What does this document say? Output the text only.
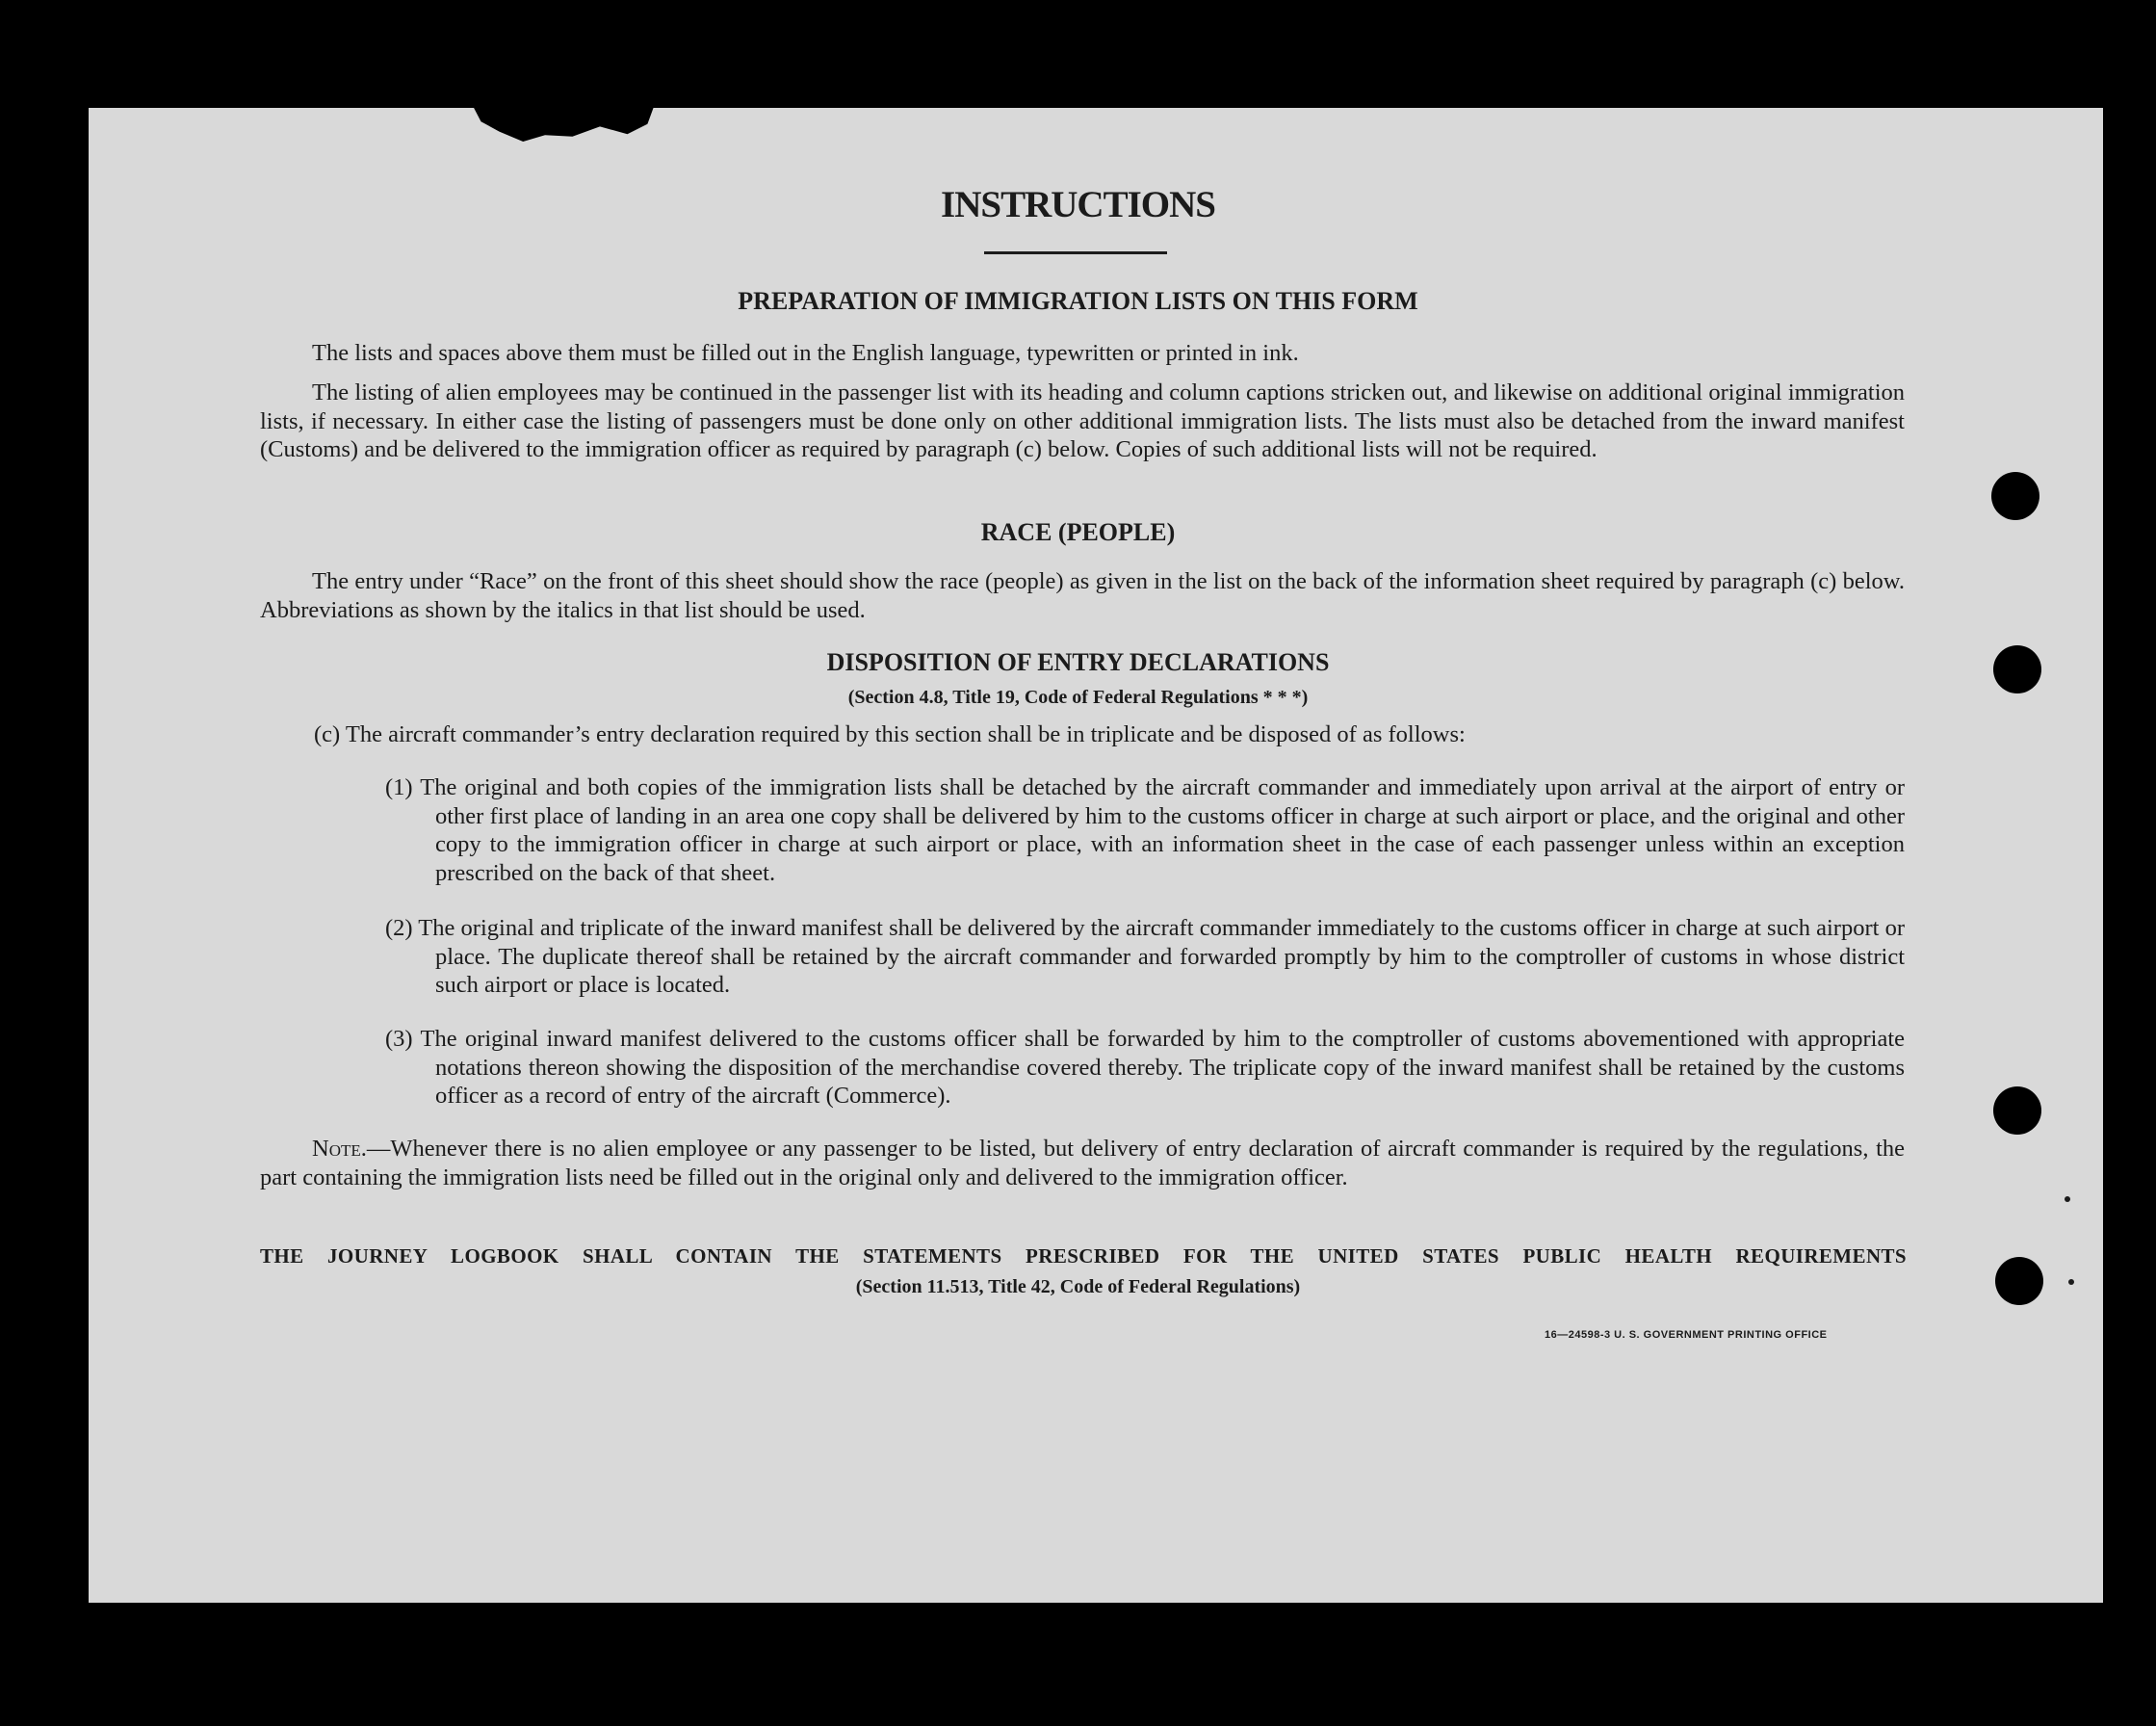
INSTRUCTIONS
PREPARATION OF IMMIGRATION LISTS ON THIS FORM
The lists and spaces above them must be filled out in the English language, typewritten or printed in ink.
The listing of alien employees may be continued in the passenger list with its heading and column captions stricken out, and likewise on additional original immigration lists, if necessary. In either case the listing of passengers must be done only on other additional immigration lists. The lists must also be detached from the inward manifest (Customs) and be delivered to the immigration officer as required by paragraph (c) below. Copies of such additional lists will not be required.
RACE (PEOPLE)
The entry under “Race” on the front of this sheet should show the race (people) as given in the list on the back of the information sheet required by paragraph (c) below. Abbreviations as shown by the italics in that list should be used.
DISPOSITION OF ENTRY DECLARATIONS
(Section 4.8, Title 19, Code of Federal Regulations * * *)
(c) The aircraft commander’s entry declaration required by this section shall be in triplicate and be disposed of as follows:
(1) The original and both copies of the immigration lists shall be detached by the aircraft commander and immediately upon arrival at the airport of entry or other first place of landing in an area one copy shall be delivered by him to the customs officer in charge at such airport or place, and the original and other copy to the immigration officer in charge at such airport or place, with an information sheet in the case of each passenger unless within an exception prescribed on the back of that sheet.
(2) The original and triplicate of the inward manifest shall be delivered by the aircraft commander immediately to the customs officer in charge at such airport or place. The duplicate thereof shall be retained by the aircraft commander and forwarded promptly by him to the comptroller of customs in whose district such airport or place is located.
(3) The original inward manifest delivered to the customs officer shall be forwarded by him to the comptroller of customs abovementioned with appropriate notations thereon showing the disposition of the merchandise covered thereby. The triplicate copy of the inward manifest shall be retained by the customs officer as a record of entry of the aircraft (Commerce).
Note.—Whenever there is no alien employee or any passenger to be listed, but delivery of entry declaration of aircraft commander is required by the regulations, the part containing the immigration lists need be filled out in the original only and delivered to the immigration officer.
THE JOURNEY LOGBOOK SHALL CONTAIN THE STATEMENTS PRESCRIBED FOR THE UNITED STATES PUBLIC HEALTH REQUIREMENTS
(Section 11.513, Title 42, Code of Federal Regulations)
16—24598-3 U. S. GOVERNMENT PRINTING OFFICE
